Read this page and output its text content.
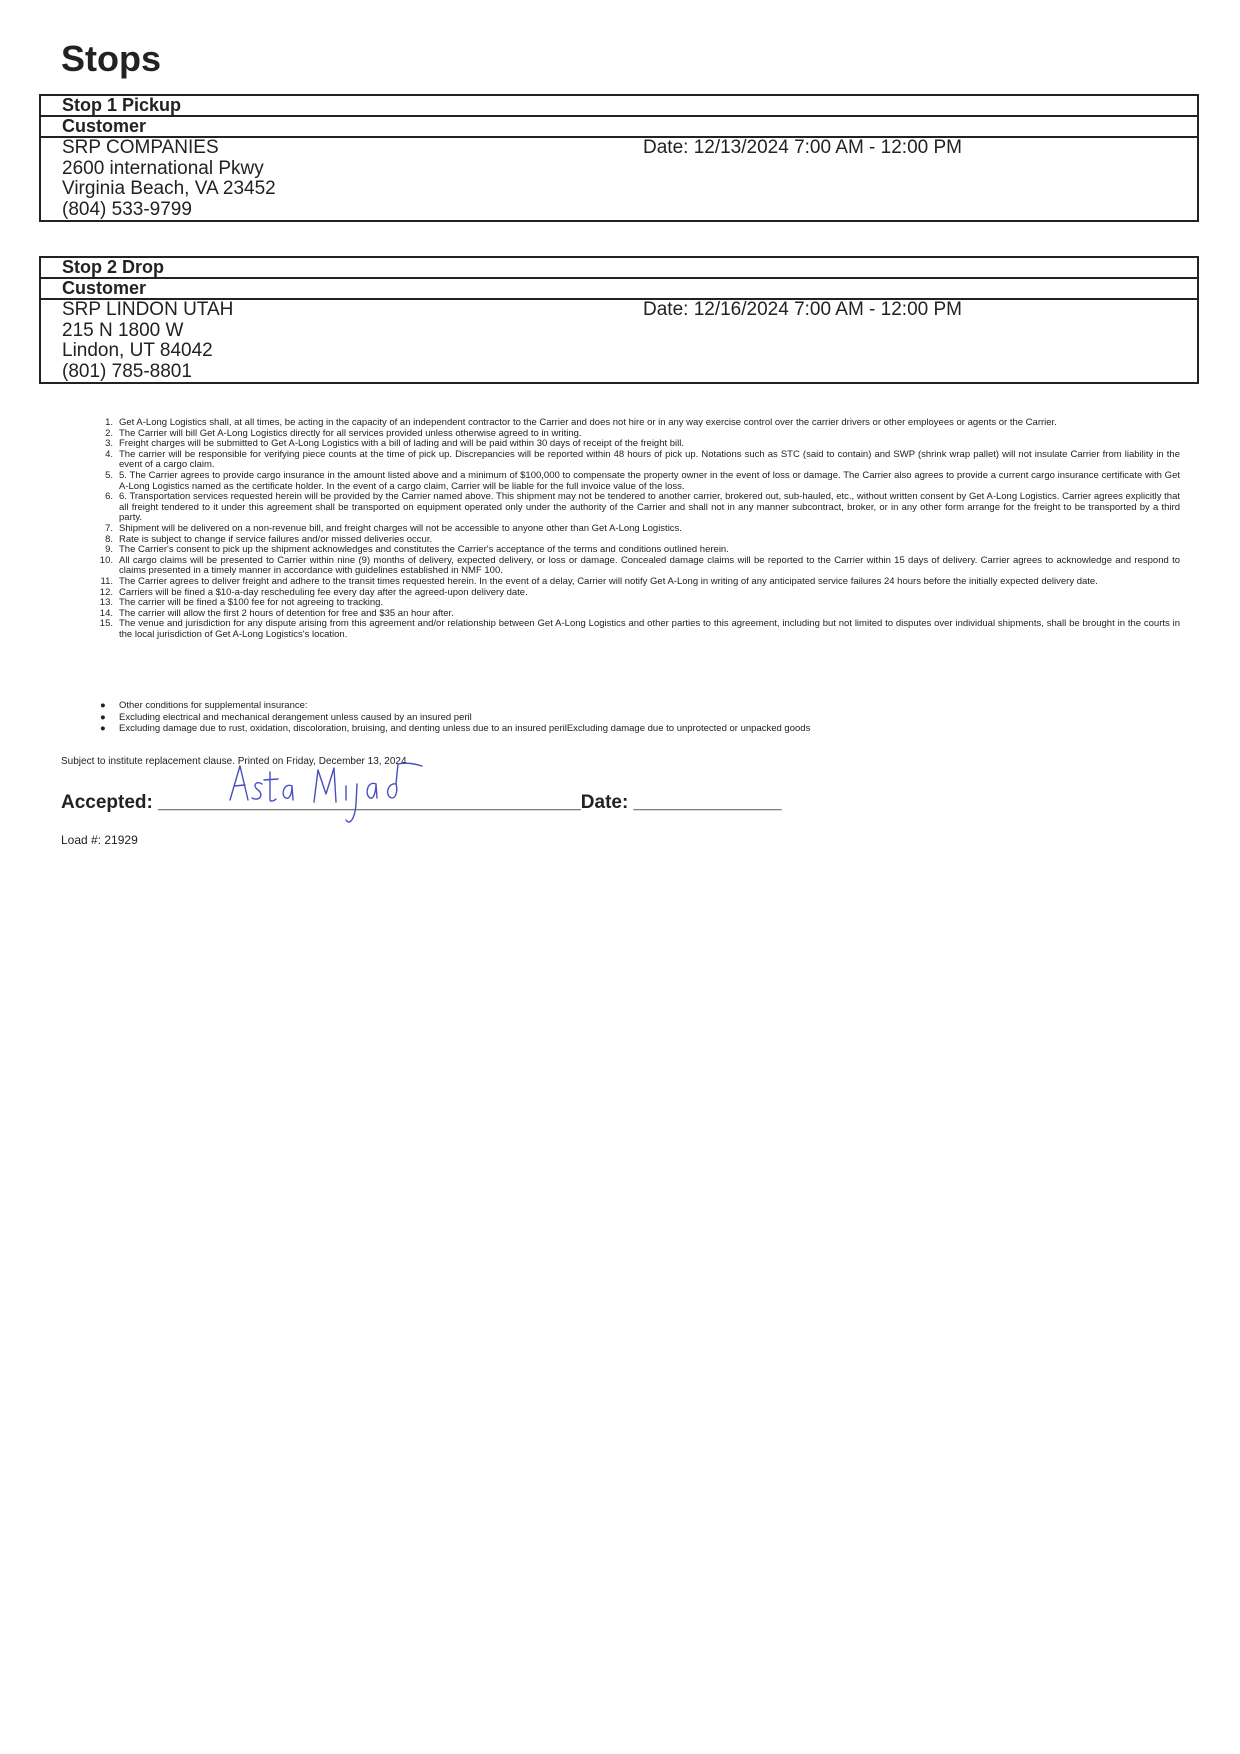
Stops
Stop 1 Pickup
Customer
SRP COMPANIES
2600 international Pkwy
Virginia Beach, VA 23452
(804) 533-9799
Date: 12/13/2024 7:00 AM - 12:00 PM
Stop 2 Drop
Customer
SRP LINDON UTAH
215 N 1800 W
Lindon, UT 84042
(801) 785-8801
Date: 12/16/2024 7:00 AM - 12:00 PM
1. Get A-Long Logistics shall, at all times, be acting in the capacity of an independent contractor to the Carrier and does not hire or in any way exercise control over the carrier drivers or other employees or agents or the Carrier.
2. The Carrier will bill Get A-Long Logistics directly for all services provided unless otherwise agreed to in writing.
3. Freight charges will be submitted to Get A-Long Logistics with a bill of lading and will be paid within 30 days of receipt of the freight bill.
4. The carrier will be responsible for verifying piece counts at the time of pick up. Discrepancies will be reported within 48 hours of pick up. Notations such as STC (said to contain) and SWP (shrink wrap pallet) will not insulate Carrier from liability in the event of a cargo claim.
5. 5. The Carrier agrees to provide cargo insurance in the amount listed above and a minimum of $100,000 to compensate the property owner in the event of loss or damage. The Carrier also agrees to provide a current cargo insurance certificate with Get A-Long Logistics named as the certificate holder. In the event of a cargo claim, Carrier will be liable for the full invoice value of the loss.
6. 6. Transportation services requested herein will be provided by the Carrier named above. This shipment may not be tendered to another carrier, brokered out, sub-hauled, etc., without written consent by Get A-Long Logistics. Carrier agrees explicitly that all freight tendered to it under this agreement shall be transported on equipment operated only under the authority of the Carrier and shall not in any manner subcontract, broker, or in any other form arrange for the freight to be transported by a third party.
7. Shipment will be delivered on a non-revenue bill, and freight charges will not be accessible to anyone other than Get A-Long Logistics.
8. Rate is subject to change if service failures and/or missed deliveries occur.
9. The Carrier's consent to pick up the shipment acknowledges and constitutes the Carrier's acceptance of the terms and conditions outlined herein.
10. All cargo claims will be presented to Carrier within nine (9) months of delivery, expected delivery, or loss or damage. Concealed damage claims will be reported to the Carrier within 15 days of delivery. Carrier agrees to acknowledge and respond to claims presented in a timely manner in accordance with guidelines established in NMF 100.
11. The Carrier agrees to deliver freight and adhere to the transit times requested herein. In the event of a delay, Carrier will notify Get A-Long in writing of any anticipated service failures 24 hours before the initially expected delivery date.
12. Carriers will be fined a $10-a-day rescheduling fee every day after the agreed-upon delivery date.
13. The carrier will be fined a $100 fee for not agreeing to tracking.
14. The carrier will allow the first 2 hours of detention for free and $35 an hour after.
15. The venue and jurisdiction for any dispute arising from this agreement and/or relationship between Get A-Long Logistics and other parties to this agreement, including but not limited to disputes over individual shipments, shall be brought in the courts in the local jurisdiction of Get A-Long Logistics's location.
● Other conditions for supplemental insurance:
● Excluding electrical and mechanical derangement unless caused by an insured peril
● Excluding damage due to rust, oxidation, discoloration, bruising, and denting unless due to an insured perilExcluding damage due to unprotected or unpacked goods
Subject to institute replacement clause. Printed on Friday, December 13, 2024.
Accepted: ________________________________________Date: ______________
Load #: 21929
